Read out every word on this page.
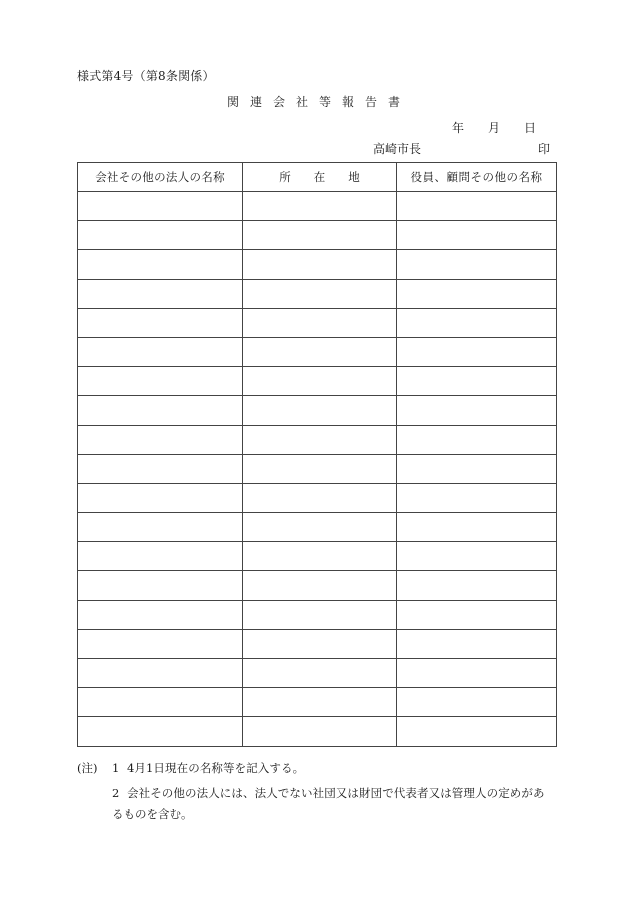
様式第4号（第8条関係）
関連会社等報告書
年 月 日
高崎市長	印
会社その他の法人の名称	所　　在　　地	役員、顧問その他の名称

(注) 1 4月1日現在の名称等を記入する。
2 会社その他の法人には、法人でない社団又は財団で代表者又は管理人の定めがあ
るものを含む。
